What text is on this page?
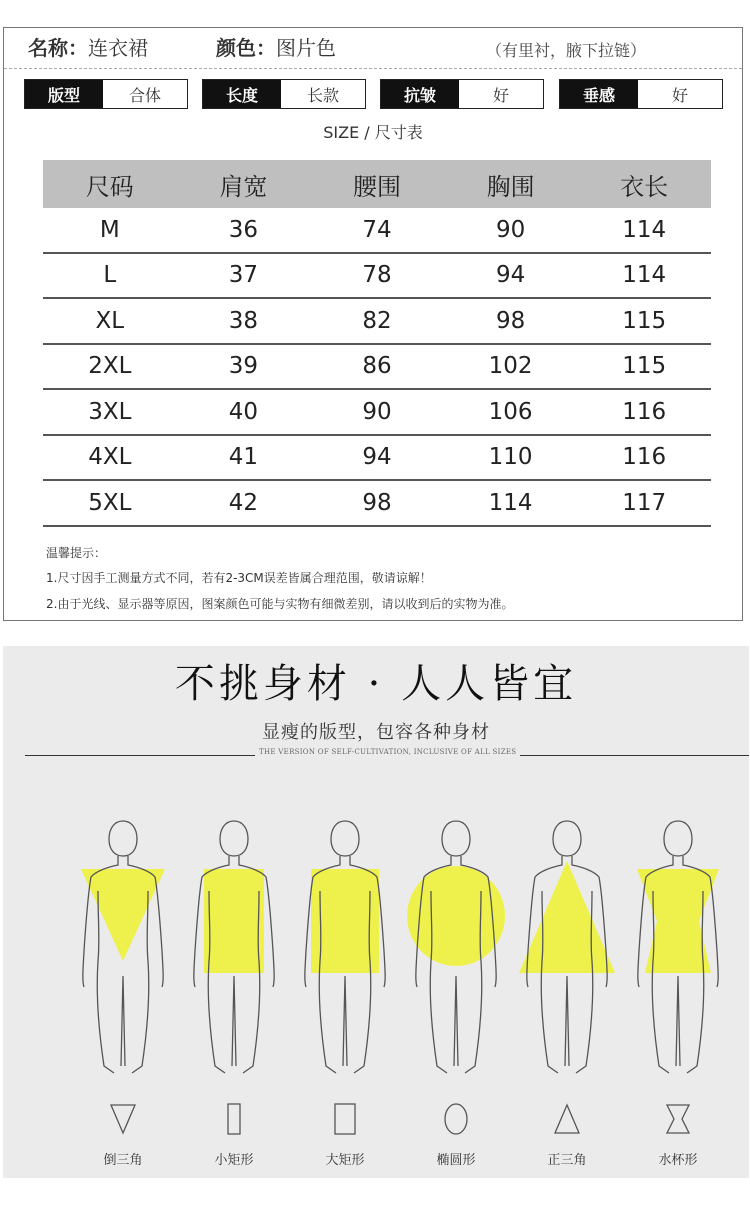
名称：连衣裙	颜色：图片色	（有里衬，腋下拉链）
版型	合体	长度	长款	抗皱	好	垂感	好
SIZE / 尺寸表
尺码	肩宽	腰围	胸围	衣长
M	36	74	90	114
L	37	78	94	114
XL	38	82	98	115
2XL	39	86	102	115
3XL	40	90	106	116
4XL	41	94	110	116
5XL	42	98	114	117
温馨提示：
1.尺寸因手工测量方式不同，若有2-3CM误差皆属合理范围，敬请谅解！
2.由于光线、显示器等原因，图案颜色可能与实物有细微差别，请以收到后的实物为准。
不挑身材 · 人人皆宜
显瘦的版型，包容各种身材
THE VERSION OF SELF-CULTIVATION, INCLUSIVE OF ALL SIZES
倒三角	小矩形	大矩形	椭圆形	正三角	水杯形
